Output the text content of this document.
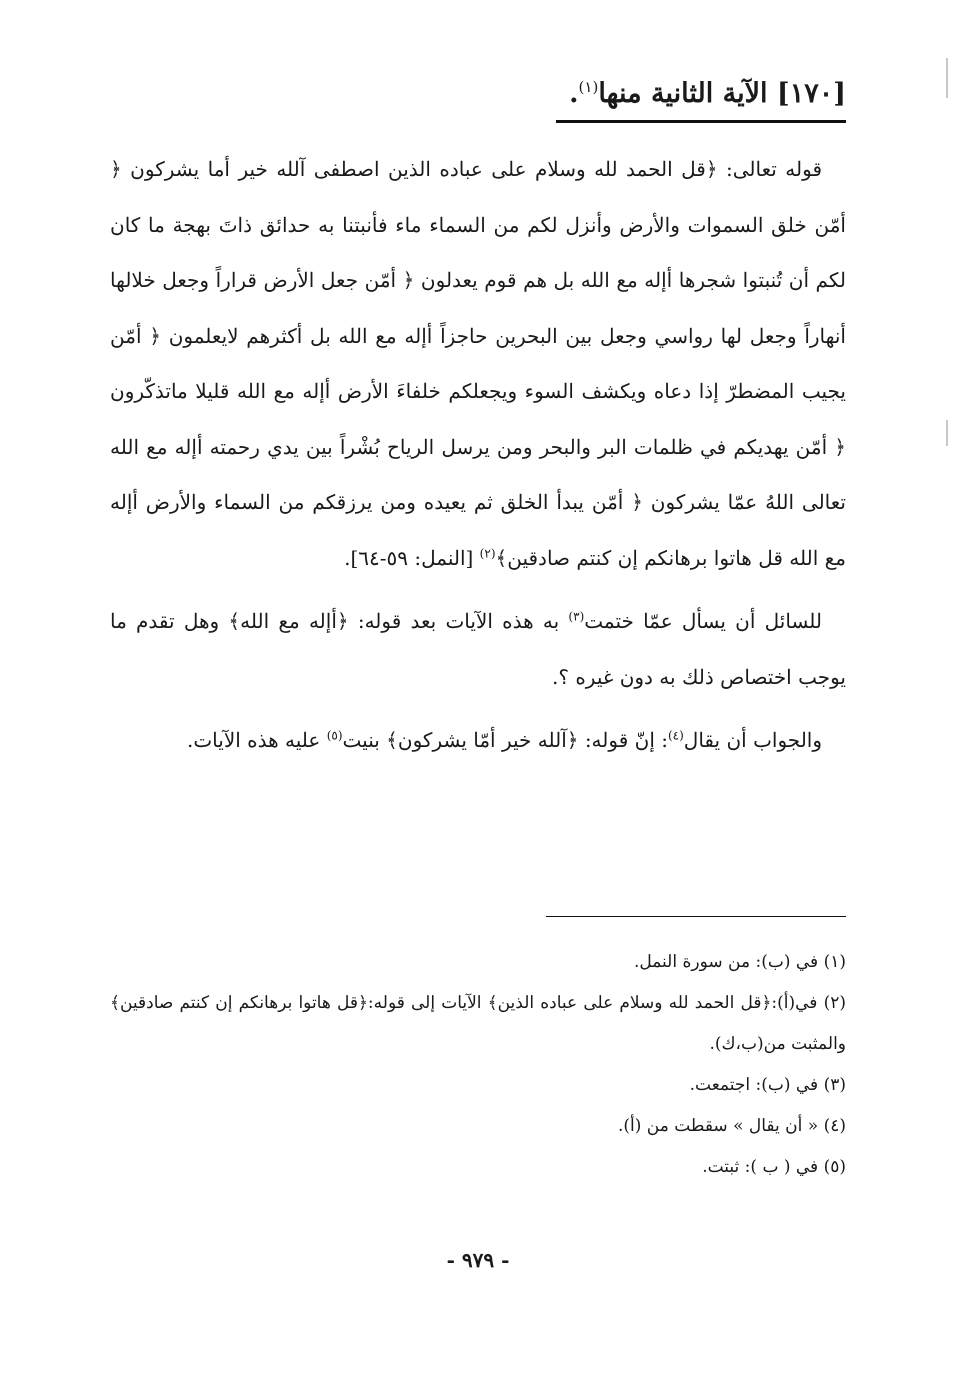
[١٧٠] الآية الثانية منها$^{(١)}$.

قوله تعالى: ﴿قل الحمد لله وسلام على عباده الذين اصطفى آلله خير أما يشركون ﴿ أمّن خلق السموات والأرض وأنزل لكم من السماء ماء فأنبتنا به حدائق ذاتَ بهجة ما كان لكم أن تُنبتوا شجرها أإله مع الله بل هم قوم يعدلون ﴿ أمّن جعل الأرض قراراً وجعل خلالها أنهاراً وجعل لها رواسي وجعل بين البحرين حاجزاً أإله مع الله بل أكثرهم لايعلمون ﴿ أمّن يجيب المضطرّ إذا دعاه ويكشف السوء ويجعلكم خلفاءَ الأرض أإله مع الله قليلا ماتذكّرون ﴿ أمّن يهديكم في ظلمات البر والبحر ومن يرسل الرياح بُشْراً بين يدي رحمته أإله مع الله تعالى اللهُ عمّا يشركون ﴿ أمّن يبدأ الخلق ثم يعيده ومن يرزقكم من السماء والأرض أإله مع الله قل هاتوا برهانكم إن كنتم صادقين﴾$^{(٢)}$ [النمل: ٥٩-٦٤].

للسائل أن يسأل عمّا ختمت$^{(٣)}$ به هذه الآيات بعد قوله: ﴿أإله مع الله﴾ وهل تقدم ما يوجب اختصاص ذلك به دون غيره ؟.

والجواب أن يقال$^{(٤)}$: إنّ قوله: ﴿آلله خير أمّا يشركون﴾ بنيت$^{(٥)}$ عليه هذه الآيات.

(١) في (ب): من سورة النمل.

(٢) في(أ):﴿قل الحمد لله وسلام على عباده الذين﴾ الآيات إلى قوله:﴿قل هاتوا برهانكم إن كنتم صادقين﴾ والمثبت من(ب،ك).

(٣) في (ب): اجتمعت.

(٤) « أن يقال » سقطت من (أ).

(٥) في ( ب ): ثبتت.

- ٩٧٩ -
